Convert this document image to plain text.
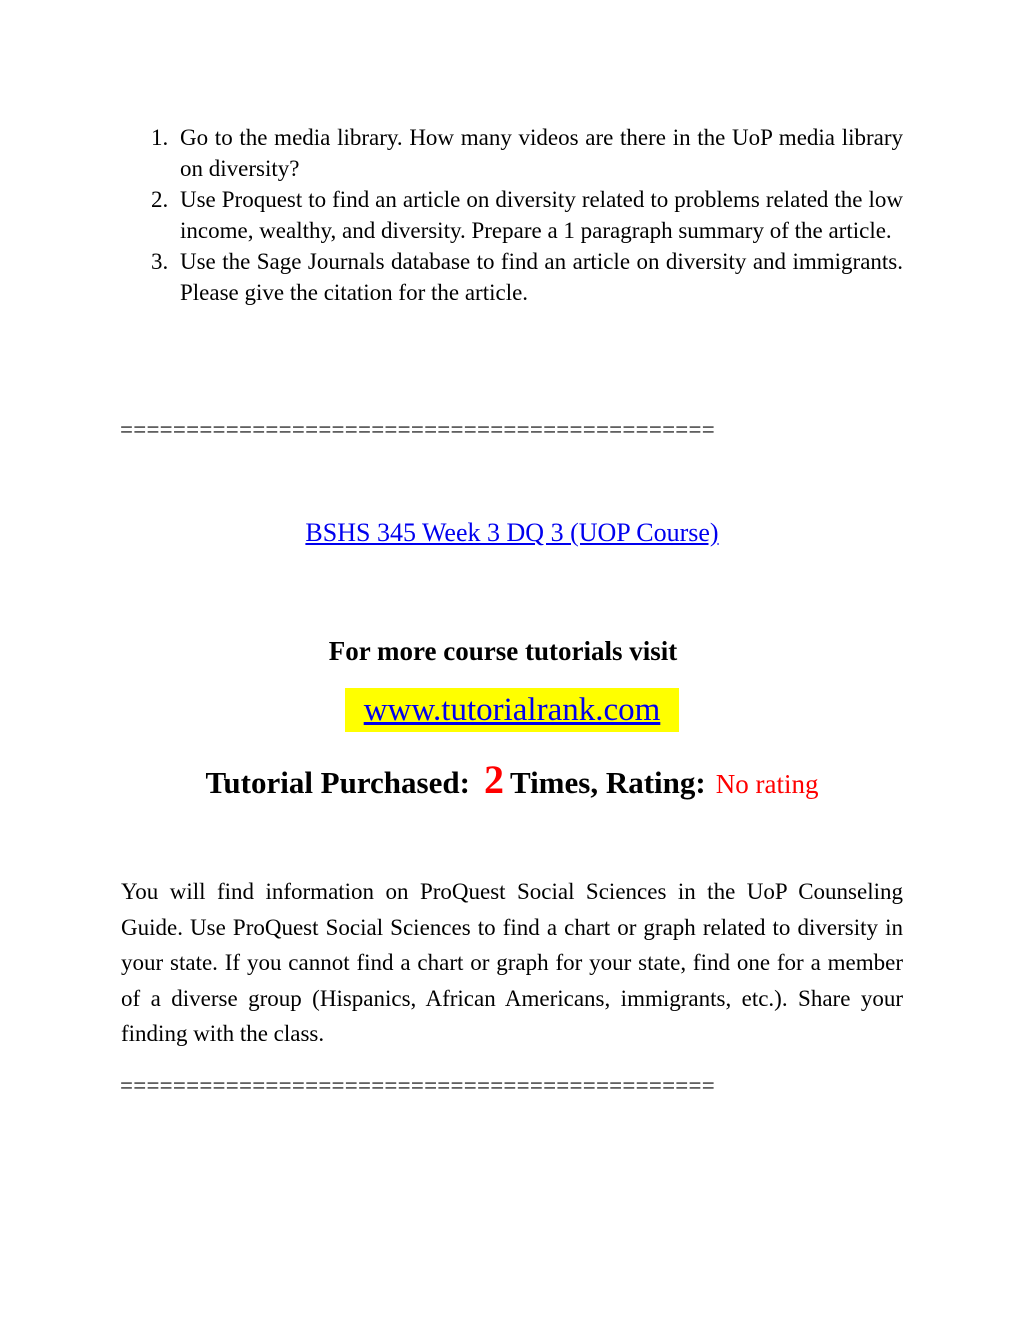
1. Go to the media library. How many videos are there in the UoP media library on diversity?
2. Use Proquest to find an article on diversity related to problems related the low income, wealthy, and diversity. Prepare a 1 paragraph summary of the article.
3. Use the Sage Journals database to find an article on diversity and immigrants. Please give the citation for the article.
=============================================
BSHS 345 Week 3 DQ 3 (UOP Course)
For more course tutorials visit
www.tutorialrank.com
Tutorial Purchased: 2 Times, Rating: No rating

You will find information on ProQuest Social Sciences in the UoP Counseling Guide. Use ProQuest Social Sciences to find a chart or graph related to diversity in your state. If you cannot find a chart or graph for your state, find one for a member of a diverse group (Hispanics, African Americans, immigrants, etc.). Share your finding with the class.

=============================================
